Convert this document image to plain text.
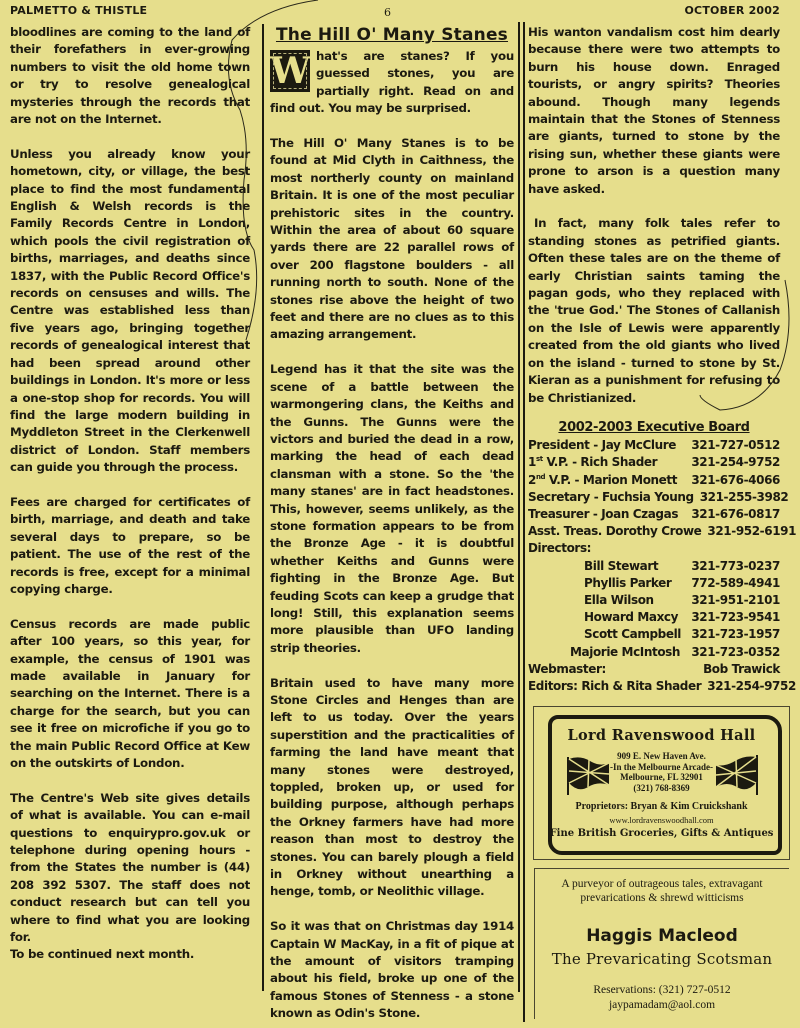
PALMETTO & THISTLE	6	OCTOBER 2002

bloodlines are coming to the land of their forefathers in ever-growing numbers to visit the old home town or try to resolve genealogical mysteries through the records that are not on the Internet.

Unless you already know your hometown, city, or village, the best place to find the most fundamental English & Welsh records is the Family Records Centre in London, which pools the civil registration of births, marriages, and deaths since 1837, with the Public Record Office's records on censuses and wills. The Centre was established less than five years ago, bringing together records of genealogical interest that had been spread around other buildings in London. It's more or less a one-stop shop for records. You will find the large modern building in Myddleton Street in the Clerkenwell district of London. Staff members can guide you through the process.

Fees are charged for certificates of birth, marriage, and death and take several days to prepare, so be patient. The use of the rest of the records is free, except for a minimal copying charge.

Census records are made public after 100 years, so this year, for example, the census of 1901 was made available in January for searching on the Internet. There is a charge for the search, but you can see it free on microfiche if you go to the main Public Record Office at Kew on the outskirts of London.

The Centre's Web site gives details of what is available. You can e-mail questions to enquirypro.gov.uk or telephone during opening hours - from the States the number is (44) 208 392 5307. The staff does not conduct research but can tell you where to find what you are looking for.

To be continued next month.

The Hill O' Many Stanes

W hat's are stanes? If you guessed stones, you are partially right. Read on and find out. You may be surprised.

The Hill O' Many Stanes is to be found at Mid Clyth in Caithness, the most northerly county on mainland Britain. It is one of the most peculiar prehistoric sites in the country. Within the area of about 60 square yards there are 22 parallel rows of over 200 flagstone boulders - all running north to south. None of the stones rise above the height of two feet and there are no clues as to this amazing arrangement.

Legend has it that the site was the scene of a battle between the warmongering clans, the Keiths and the Gunns. The Gunns were the victors and buried the dead in a row, marking the head of each dead clansman with a stone. So the 'the many stanes' are in fact headstones. This, however, seems unlikely, as the stone formation appears to be from the Bronze Age - it is doubtful whether Keiths and Gunns were fighting in the Bronze Age. But feuding Scots can keep a grudge that long! Still, this explanation seems more plausible than UFO landing strip theories.

Britain used to have many more Stone Circles and Henges than are left to us today. Over the years superstition and the practicalities of farming the land have meant that many stones were destroyed, toppled, broken up, or used for building purpose, although perhaps the Orkney farmers have had more reason than most to destroy the stones. You can barely plough a field in Orkney without unearthing a henge, tomb, or Neolithic village.

So it was that on Christmas day 1914 Captain W MacKay, in a fit of pique at the amount of visitors tramping about his field, broke up one of the famous Stones of Stenness - a stone known as Odin's Stone.

His wanton vandalism cost him dearly because there were two attempts to burn his house down. Enraged tourists, or angry spirits? Theories abound. Though many legends maintain that the Stones of Stenness are giants, turned to stone by the rising sun, whether these giants were prone to arson is a question many have asked.

In fact, many folk tales refer to standing stones as petrified giants. Often these tales are on the theme of early Christian saints taming the pagan gods, who they replaced with the 'true God.' The Stones of Callanish on the Isle of Lewis were apparently created from the old giants who lived on the island - turned to stone by St. Kieran as a punishment for refusing to be Christianized.

2002-2003 Executive Board
President - Jay McClure 321-727-0512
1st V.P. - Rich Shader	321-254-9752
2nd V.P. - Marion Monett 321-676-4066
Secretary - Fuchsia Young 321-255-3982
Treasurer - Joan Czagas 321-676-0817
Asst. Treas. Dorothy Crowe 321-952-6191
Directors:
Bill Stewart	321-773-0237
Phyllis Parker 772-589-4941
Ella Wilson	321-951-2101
Howard Maxcy 321-723-9541
Scott Campbell 321-723-1957
Majorie McIntosh 321-723-0352
Webmaster:	Bob Trawick
Editors: Rich & Rita Shader 321-254-9752
Lord Ravenswood Hall
909 E. New Haven Ave.
-In the Melbourne Arcade-
Melbourne, FL 32901
(321) 768-8369
Proprietors: Bryan & Kim Cruickshank
www.lordravenswoodhall.com
Fine British Groceries, Gifts & Antiques
A purveyor of outrageous tales, extravagant
prevarications & shrewd witticisms
Haggis Macleod
The Prevaricating Scotsman
Reservations: (321) 727-0512
jaypamadam@aol.com
